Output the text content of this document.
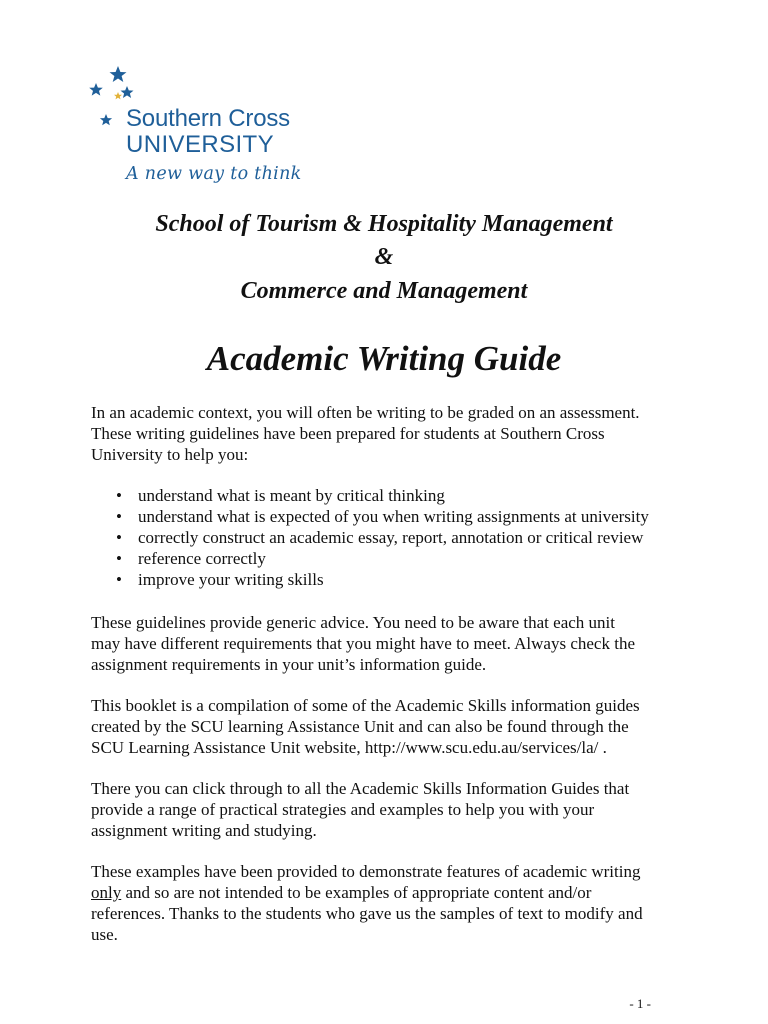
Southern Cross
UNIVERSITY
A new way to think
School of Tourism & Hospitality Management
&
Commerce and Management
Academic Writing Guide

In an academic context, you will often be writing to be graded on an assessment.
These writing guidelines have been prepared for students at Southern Cross
University to help you:

• understand what is meant by critical thinking
• understand what is expected of you when writing assignments at university
• correctly construct an academic essay, report, annotation or critical review
• reference correctly
• improve your writing skills

These guidelines provide generic advice. You need to be aware that each unit
may have different requirements that you might have to meet. Always check the
assignment requirements in your unit’s information guide.

This booklet is a compilation of some of the Academic Skills information guides
created by the SCU learning Assistance Unit and can also be found through the
SCU Learning Assistance Unit website, http://www.scu.edu.au/services/la/ .

There you can click through to all the Academic Skills Information Guides that
provide a range of practical strategies and examples to help you with your
assignment writing and studying.

These examples have been provided to demonstrate features of academic writing
only and so are not intended to be examples of appropriate content and/or
references. Thanks to the students who gave us the samples of text to modify and
use.

- 1 -
